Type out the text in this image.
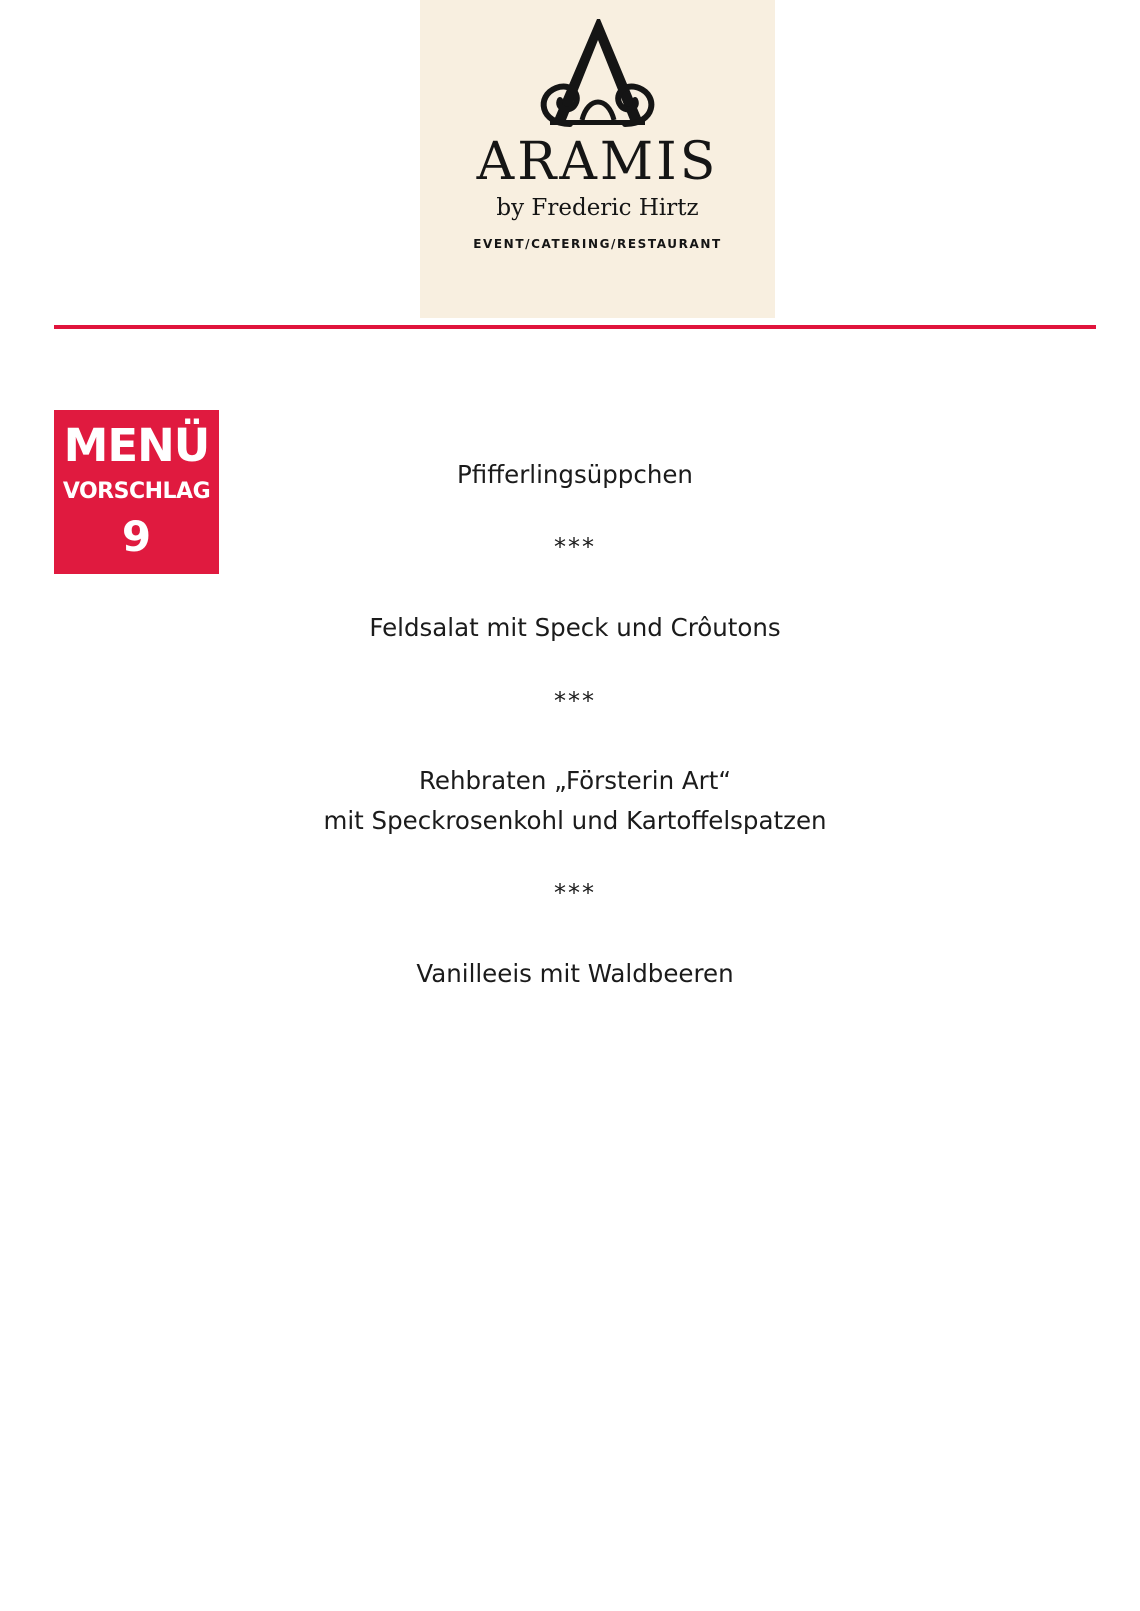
ARAMIS
by Frederic Hirtz
EVENT/CATERING/RESTAURANT
MENÜ
VORSCHLAG
9
Pfifferlingsüppchen
***
Feldsalat mit Speck und Crôutons
***
Rehbraten „Försterin Art“
mit Speckrosenkohl und Kartoffelspatzen
***
Vanilleeis mit Waldbeeren
